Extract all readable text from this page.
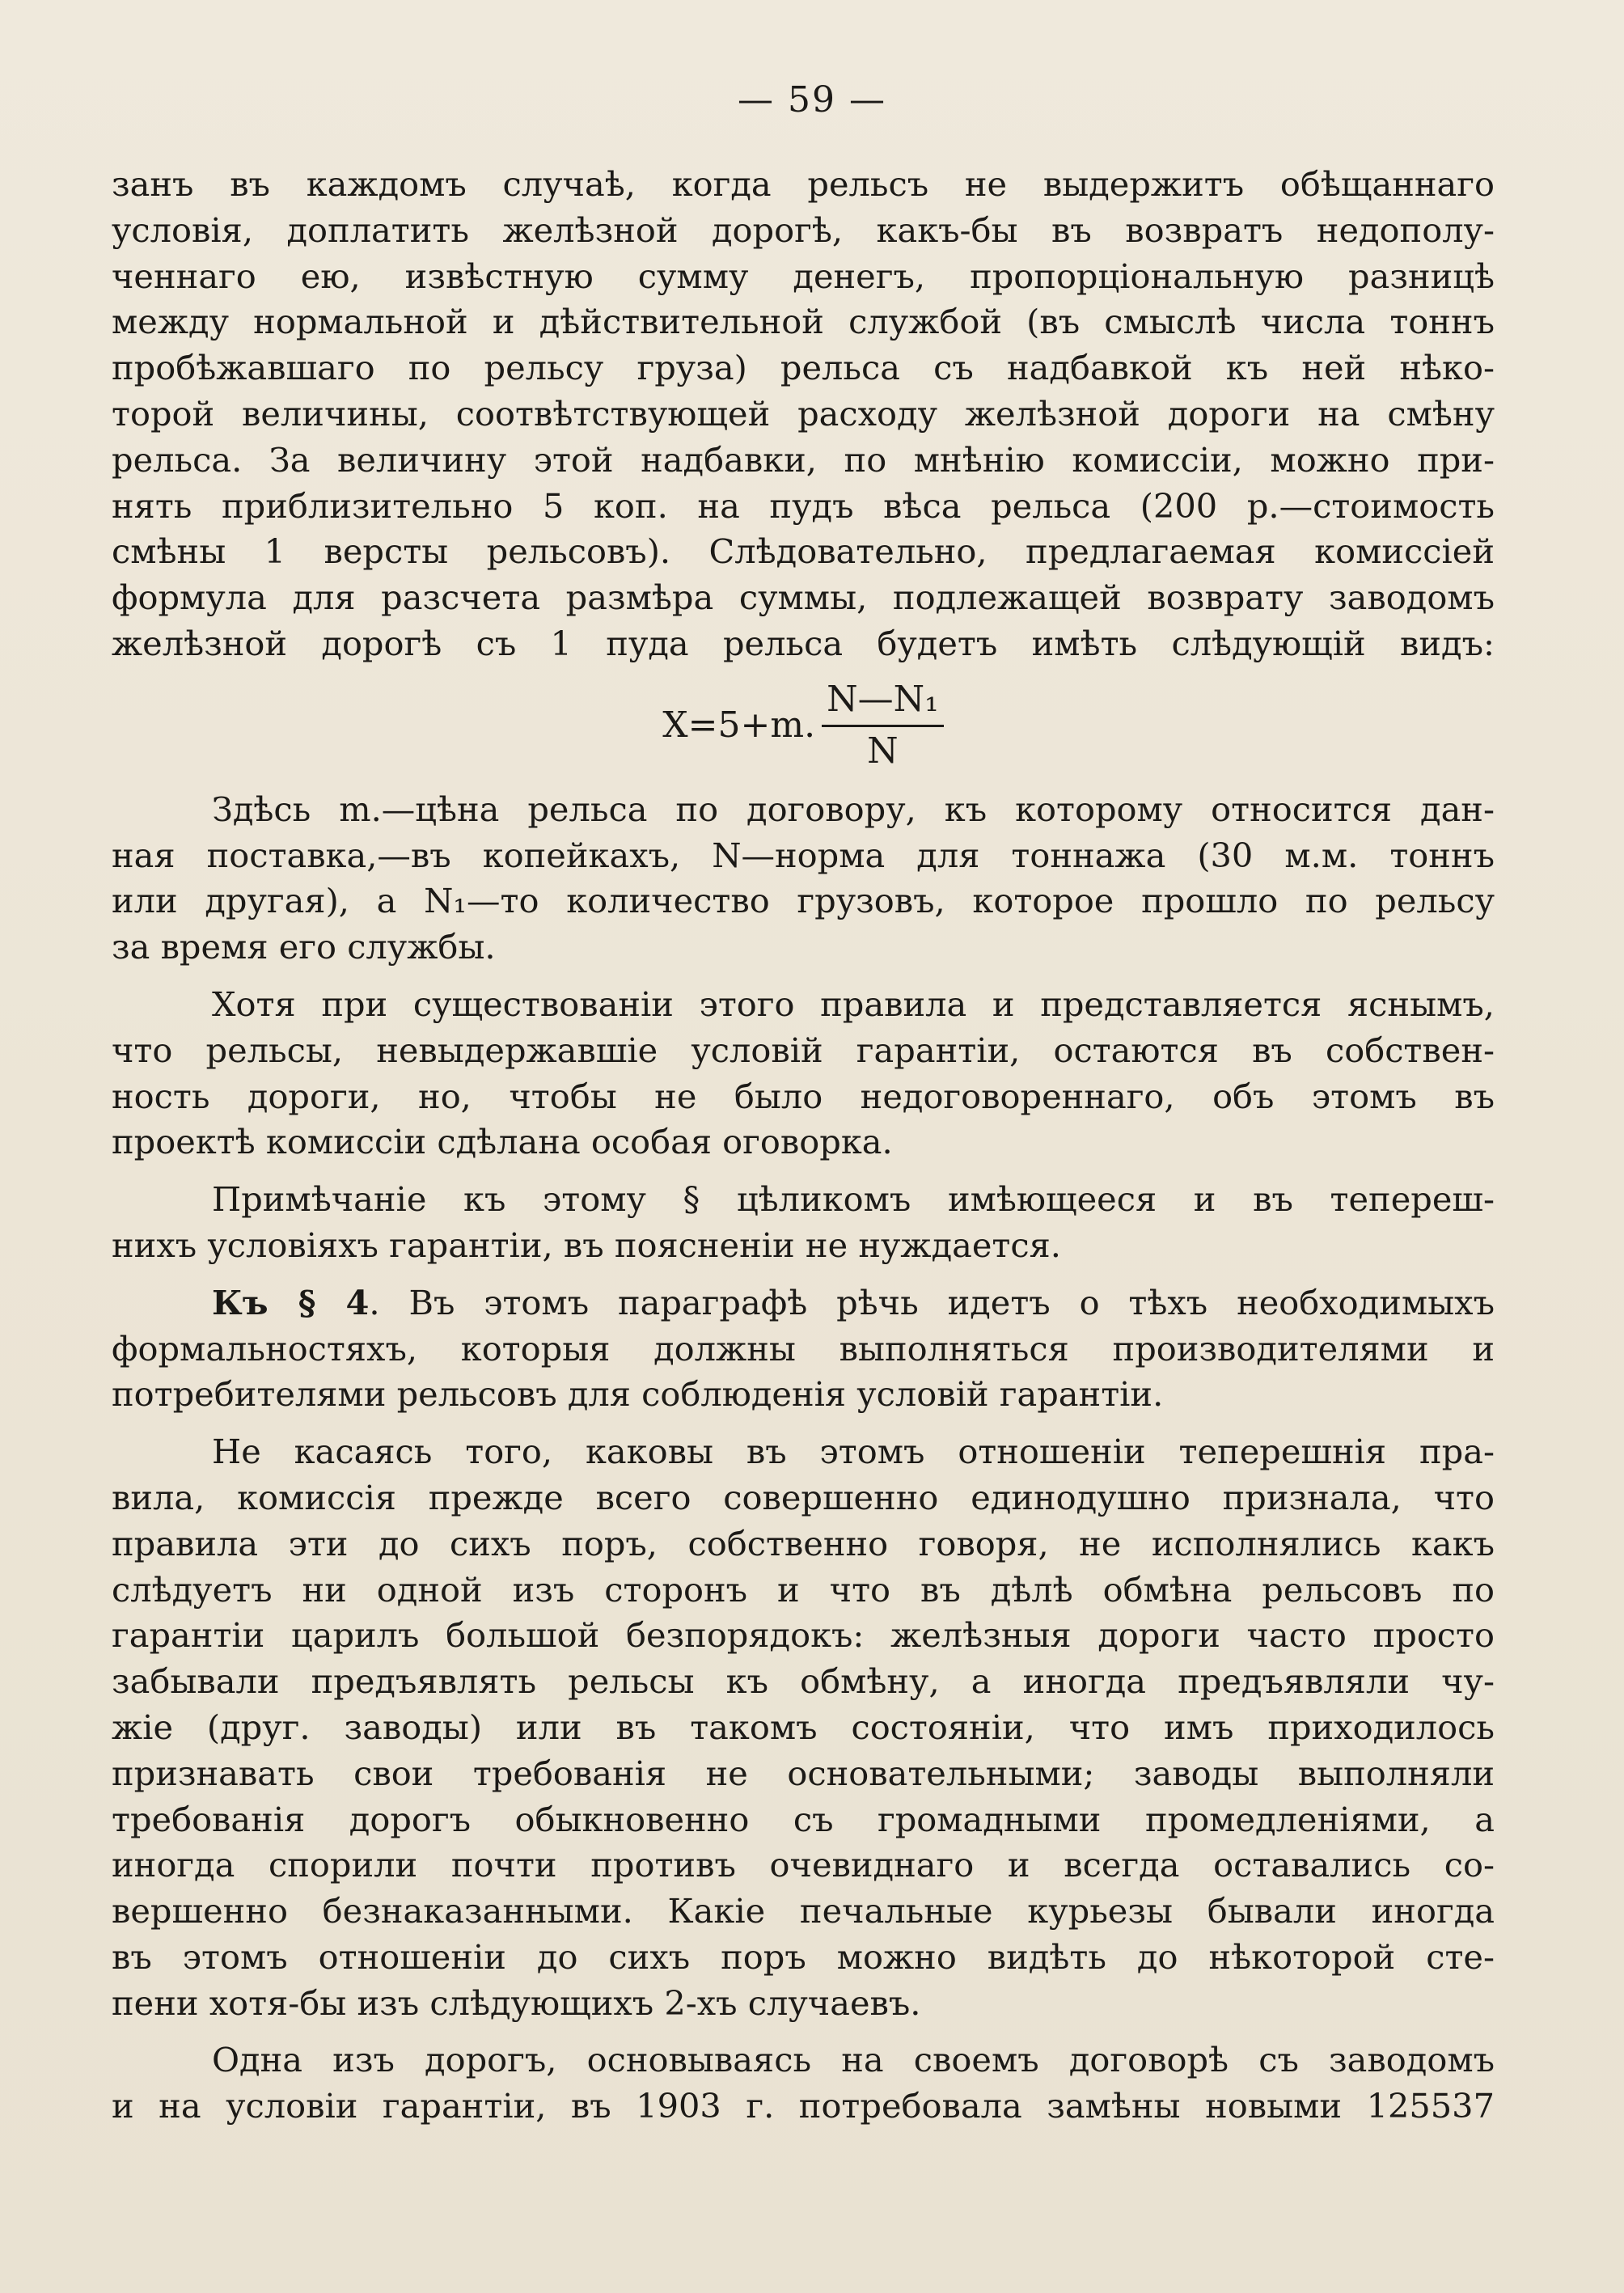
— 59 —
занъ въ каждомъ случаѣ, когда рельсъ не выдержитъ обѣщаннаго
условія, доплатить желѣзной дорогѣ, какъ-бы въ возвратъ недополу-
ченнаго ею, извѣстную сумму денегъ, пропорціональную разницѣ
между нормальной и дѣйствительной службой (въ смыслѣ числа тоннъ
пробѣжавшаго по рельсу груза) рельса съ надбавкой къ ней нѣко-
торой величины, соотвѣтствующей расходу желѣзной дороги на смѣну
рельса. За величину этой надбавки, по мнѣнію комиссіи, можно при-
нять приблизительно 5 коп. на пудъ вѣса рельса (200 р.—стоимость
смѣны 1 версты рельсовъ). Слѣдовательно, предлагаемая комиссіей
формула для разсчета размѣра суммы, подлежащей возврату заводомъ
желѣзной дорогѣ съ 1 пуда рельса будетъ имѣть слѣдующій видъ:
X=5+m. $\frac{\text{N—N₁}}{N}$
Здѣсь m.—цѣна рельса по договору, къ которому относится дан-
ная поставка,—въ копейкахъ, N—норма для тоннажа (30 м.м. тоннъ
или другая), а N₁—то количество грузовъ, которое прошло по рельсу
за время его службы.
Хотя при существованіи этого правила и представляется яснымъ,
что рельсы, невыдержавшіе условій гарантіи, остаются въ собствен-
ность дороги, но, чтобы не было недоговореннаго, объ этомъ въ
проектѣ комиссіи сдѣлана особая оговорка.
Примѣчаніе къ этому § цѣликомъ имѣющееся и въ тепереш-
нихъ условіяхъ гарантіи, въ поясненіи не нуждается.
Къ § 4. Въ этомъ параграфѣ рѣчь идетъ о тѣхъ необходимыхъ
формальностяхъ, которыя должны выполняться производителями и
потребителями рельсовъ для соблюденія условій гарантіи.
Не касаясь того, каковы въ этомъ отношеніи теперешнія пра-
вила, комиссія прежде всего совершенно единодушно признала, что
правила эти до сихъ поръ, собственно говоря, не исполнялись какъ
слѣдуетъ ни одной изъ сторонъ и что въ дѣлѣ обмѣна рельсовъ по
гарантіи царилъ большой безпорядокъ: желѣзныя дороги часто просто
забывали предъявлять рельсы къ обмѣну, а иногда предъявляли чу-
жіе (друг. заводы) или въ такомъ состояніи, что имъ приходилось
признавать свои требованія не основательными; заводы выполняли
требованія дорогъ обыкновенно съ громадными промедленіями, а
иногда спорили почти противъ очевиднаго и всегда оставались со-
вершенно безнаказанными. Какіе печальные курьезы бывали иногда
въ этомъ отношеніи до сихъ поръ можно видѣть до нѣкоторой сте-
пени хотя-бы изъ слѣдующихъ 2-хъ случаевъ.
Одна изъ дорогъ, основываясь на своемъ договорѣ съ заводомъ
и на условіи гарантіи, въ 1903 г. потребовала замѣны новыми 125537
